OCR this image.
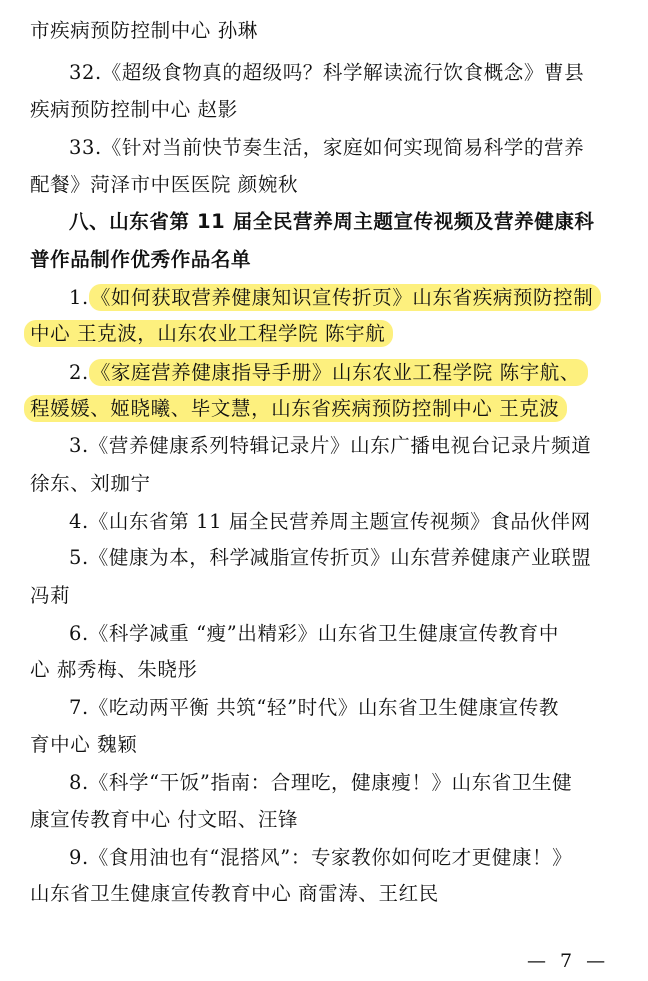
市疾病预防控制中心 孙琳
32.《超级食物真的超级吗？科学解读流行饮食概念》曹县
疾病预防控制中心 赵影
33.《针对当前快节奏生活，家庭如何实现简易科学的营养
配餐》菏泽市中医医院 颜婉秋
八、山东省第 11 届全民营养周主题宣传视频及营养健康科
普作品制作优秀作品名单
1. 《如何获取营养健康知识宣传折页》山东省疾病预防控制
中心 王克波，山东农业工程学院 陈宇航
2. 《家庭营养健康指导手册》山东农业工程学院 陈宇航、
程媛媛、姬晓曦、毕文慧，山东省疾病预防控制中心 王克波
3.《营养健康系列特辑记录片》山东广播电视台记录片频道
徐东、刘珈宁
4.《山东省第 11 届全民营养周主题宣传视频》食品伙伴网
5.《健康为本，科学减脂宣传折页》山东营养健康产业联盟
冯莉
6.《科学减重 “瘦”出精彩》山东省卫生健康宣传教育中
心 郝秀梅、朱晓彤
7.《吃动两平衡 共筑“轻”时代》山东省卫生健康宣传教
育中心 魏颖
8.《科学“干饭”指南：合理吃，健康瘦！》山东省卫生健
康宣传教育中心 付文昭、汪锋
9.《食用油也有“混搭风”：专家教你如何吃才更健康！》
山东省卫生健康宣传教育中心 商雷涛、王红民
— 7 —
